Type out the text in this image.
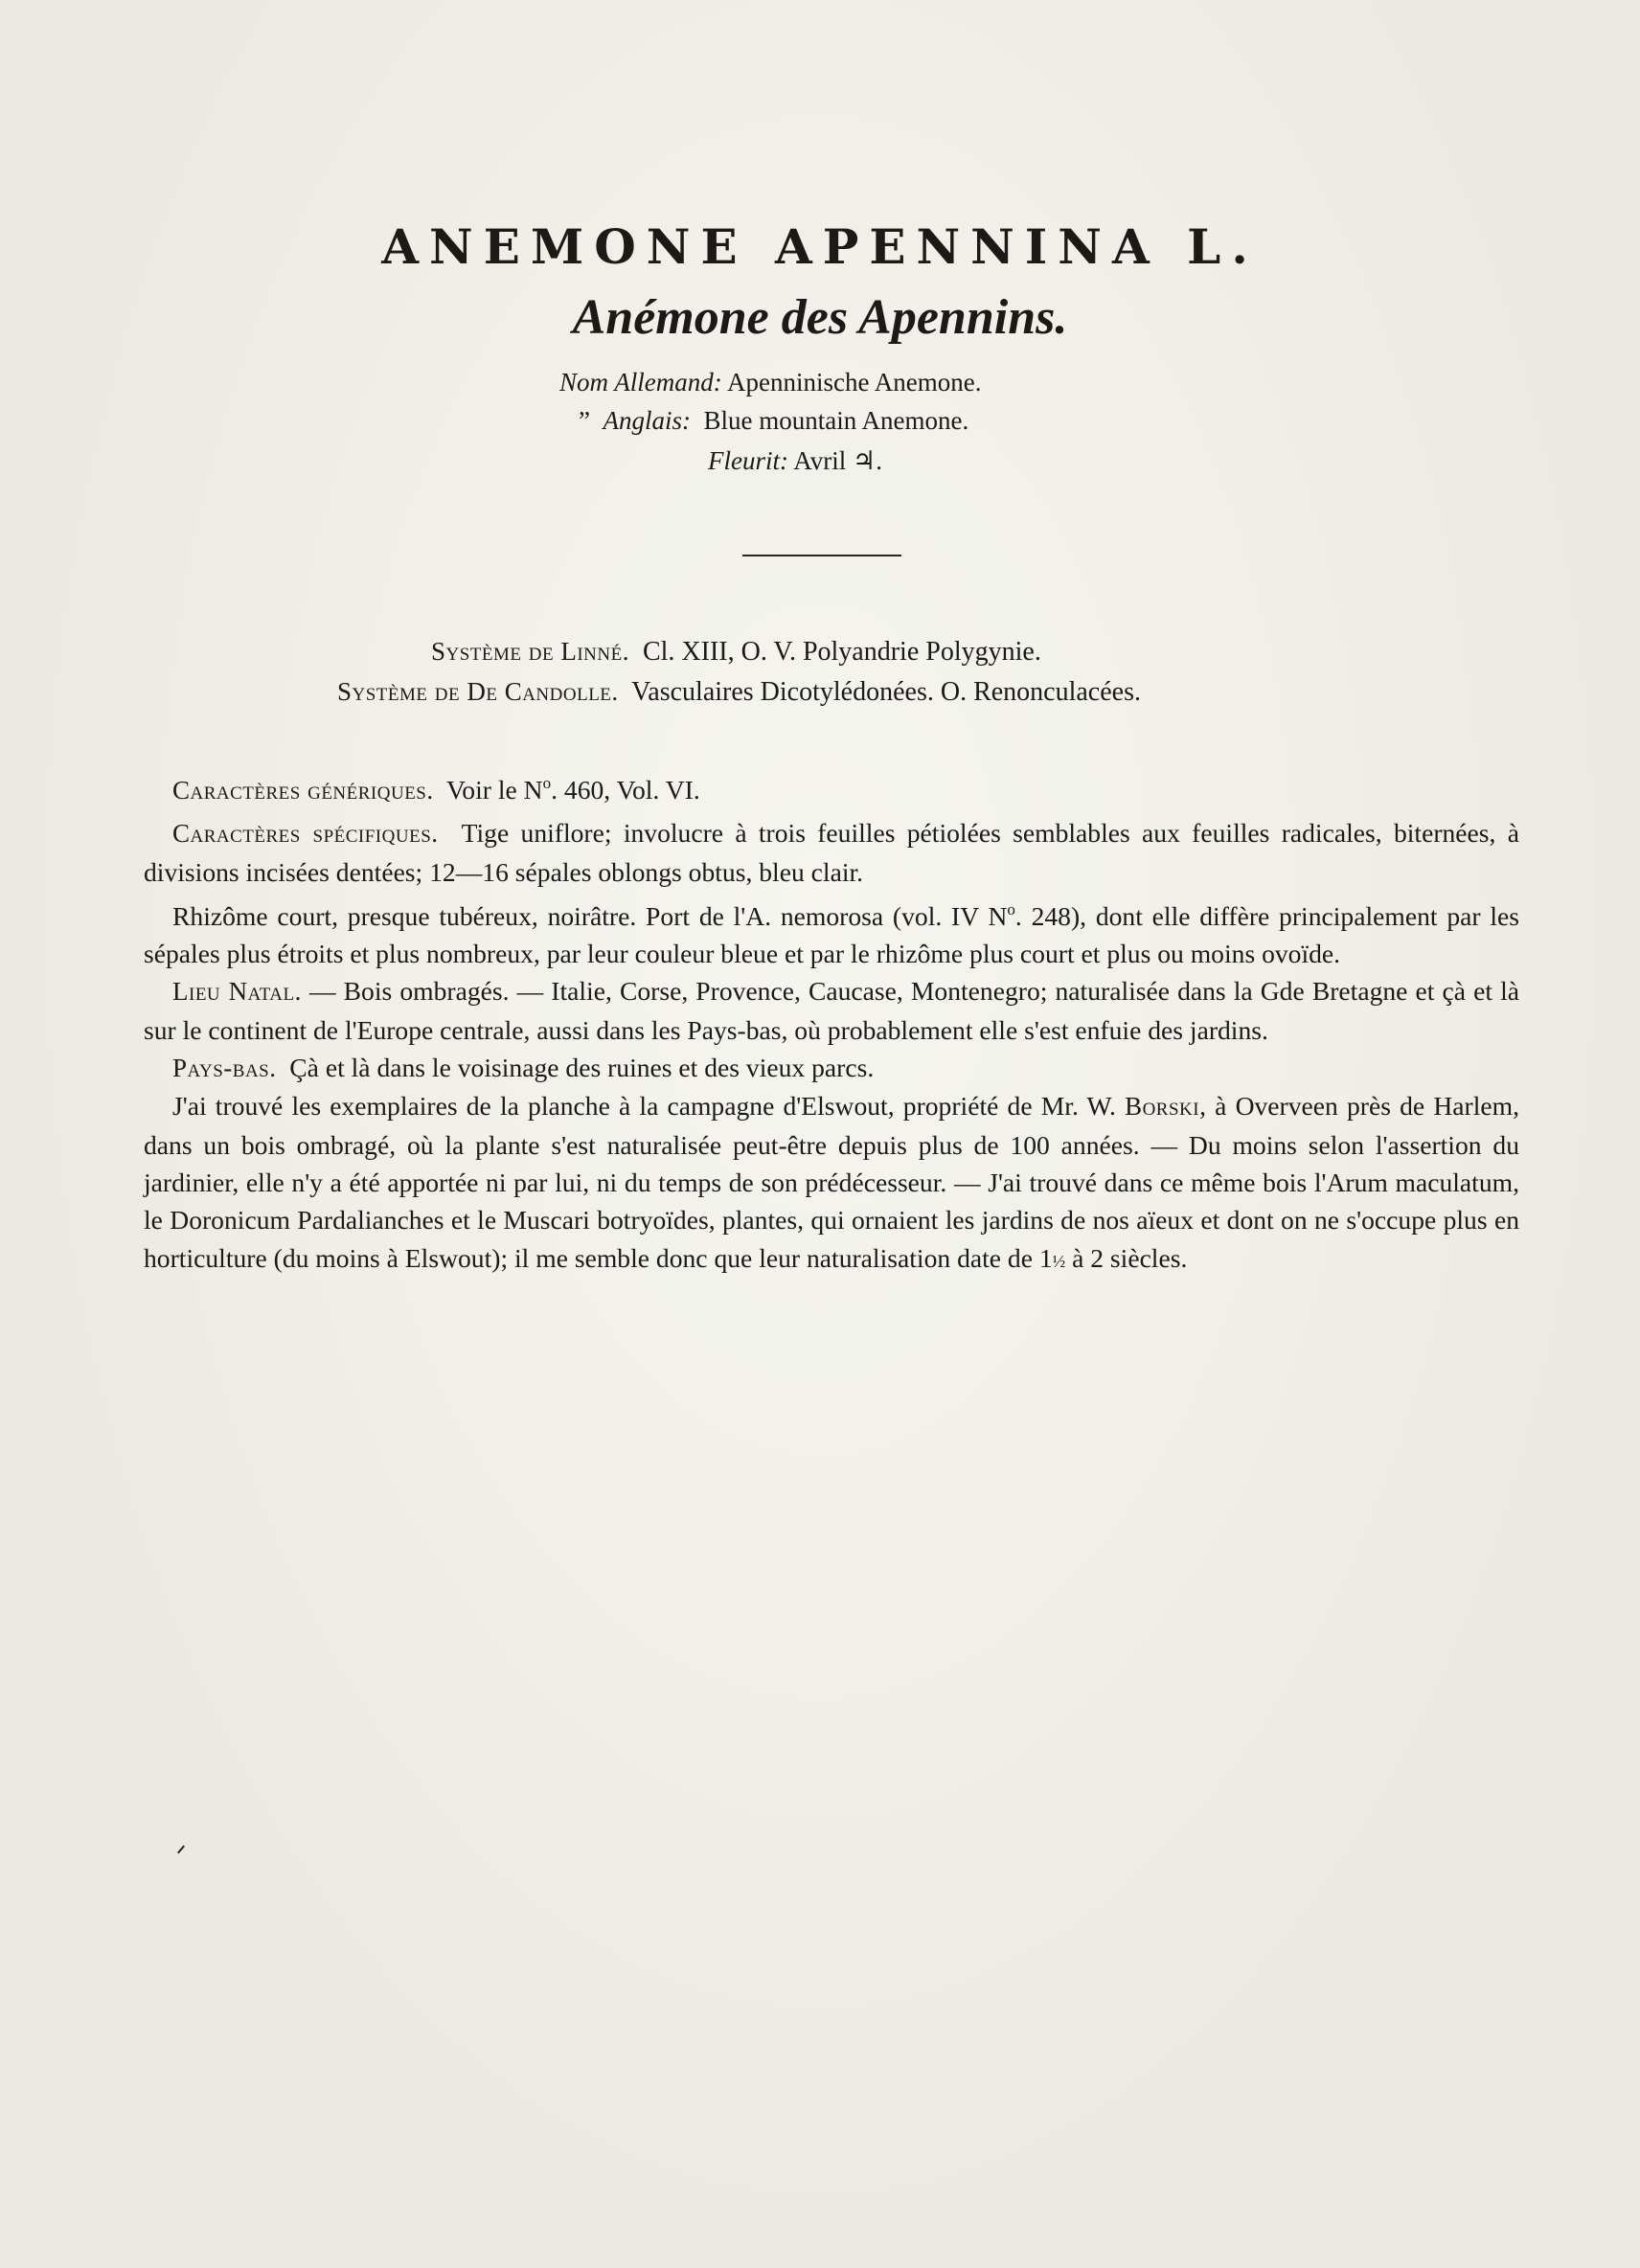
ANEMONE APENNINA L.
Anémone des Apennins.
Nom Allemand: Apenninische Anemone.
” Anglais: Blue mountain Anemone.
Fleurit: Avril ♃.
Système de Linné. Cl. XIII, O. V. Polyandrie Polygynie.
Système de De Candolle. Vasculaires Dicotylédonées. O. Renonculacées.

Caractères génériques. Voir le $N^o$. 460, Vol. VI.

Caractères spécifiques. Tige uniflore; involucre à trois feuilles pétiolées semblables aux feuilles radicales, biternées, à divisions incisées dentées; 12—16 sépales oblongs obtus, bleu clair.

Rhizôme court, presque tubéreux, noirâtre. Port de l'A. nemorosa (vol. IV $N^o$. 248), dont elle diffère principalement par les sépales plus étroits et plus nombreux, par leur couleur bleue et par le rhizôme plus court et plus ou moins ovoïde.

Lieu Natal. — Bois ombragés. — Italie, Corse, Provence, Caucase, Montenegro; naturalisée dans la Gde Bretagne et çà et là sur le continent de l'Europe centrale, aussi dans les Pays-bas, où probablement elle s'est enfuie des jardins.

Pays-bas. Çà et là dans le voisinage des ruines et des vieux parcs.

J'ai trouvé les exemplaires de la planche à la campagne d'Elswout, propriété de Mr. W. Borski, à Overveen près de Harlem, dans un bois ombragé, où la plante s'est naturalisée peut-être depuis plus de 100 années. — Du moins selon l'assertion du jardinier, elle n'y a été apportée ni par lui, ni du temps de son prédécesseur. — J'ai trouvé dans ce même bois l'Arum maculatum, le Doronicum Pardalianches et le Muscari botryoïdes, plantes, qui ornaient les jardins de nos aïeux et dont on ne s'occupe plus en horticulture (du moins à Elswout); il me semble donc que leur naturalisation date de 1½ à 2 siècles.
